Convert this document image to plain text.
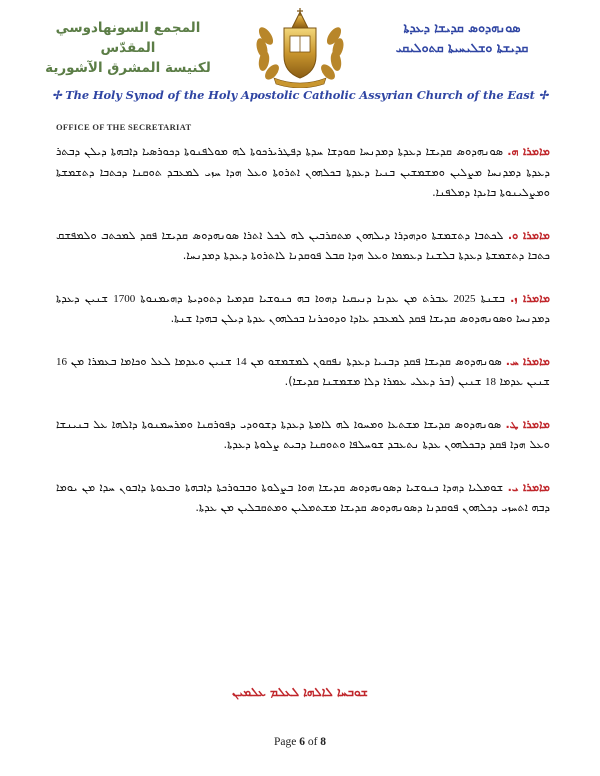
المجمع السونهادوسي المقدّس
لكنيسة المشرق الآشورية
ܣܘܢܗܕܘܣ ܩܕܝܫܐ ܕܥܕܬܐ
ܩܕܝܫܬܐ ܘܫܠܝܚܝܬܐ ܩܬܘܠܝܩܝ
✢ The Holy Synod of the Holy Apostolic Catholic Assyrian Church of the East ✢
OFFICE OF THE SECRETARIAT

ܡܐܡܪܐ ܗ. ܣܘܢܗܕܘܣ ܩܕܝܫܐ ܕܥܕܬܐ ܕܡܕܢܚܐ ܩܘܕܫܐ ܚܕܬܐ ܕܦܛܪܝܪܟܘܬܐ ܠܗ ܡܘܠܦܢܘܬܐ ܕܟܘܪܣܝܐ ܕܐܒܗܬܐ ܕܝܠܢ ܕܒܬܪ ܕܥܕܬܐ ܕܡܕܢܚܐ ܡܨܠܝܢ ܘܡܫܡܫܝܢ ܒܢܝܐ ܕܥܕܬܐ ܒܟܠܗܘܢ ܐܬܪܘܬܐ ܘܥܠ ܗܕܐ ܚܙܝ ܠܡܥܒܕ ܬܘܩܢܐ ܕܟܬܒܐ ܕܬܫܡܫܬܐ ܘܡܨܠܝܢܘܬܐ ܒܐܝܕܐ ܕܡܠܦܢܐ.

ܡܐܡܪܐ ܘ. ܠܟܬܒܐ ܕܬܫܡܫܬܐ ܘܕܗܕܪܐ ܕܝܠܗܘܢ ܡܬܩܪܒܝܢ ܠܗ ܠܟܠ ܐܬܪܐ ܣܘܢܗܕܘܣ ܩܕܝܫܐ ܦܩܕ ܠܡܟܬܒ ܘܠܡܦܫܩ ܟܬܒܐ ܕܬܫܡܫܬܐ ܕܥܕܬܐ ܒܠܫܢܐ ܕܥܡܡܐ ܘܥܠ ܗܕܐ ܩܒܠ ܦܘܩܕܢܐ ܠܐܬܪܘܬܐ ܕܥܕܬܐ ܕܡܕܢܚܐ.

ܡܐܡܪܐ ܙ. ܒܫܢܬܐ 2025 ܥܒܪܬ ܡܢ ܥܕܢܐ ܕܢܝܩܝܐ ܕܗܘܐ ܒܗ ܟܢܘܫܝܐ ܩܕܡܝܐ ܕܬܘܕܝܬܐ ܕܗܝܡܢܘܬܐ 1700 ܫܢܝܢ ܕܥܕܬܐ ܕܡܕܢܚܐ ܘܣܘܢܗܕܘܣ ܩܕܝܫܐ ܦܩܕ ܠܡܥܒܕ ܥܐܕܐ ܘܕܘܟܪܢܐ ܒܟܠܗܘܢ ܥܕܬܐ ܕܝܠܢ ܒܗܕܐ ܫܢܬܐ.

ܡܐܡܪܐ ܚ. ܣܘܢܗܕܘܣ ܩܕܝܫܐ ܦܩܕ ܕܒܢܝܐ ܕܥܕܬܐ ܢܦܩܘܢ ܠܡܫܡܫܘ ܡܢ 14 ܫܢܝܢ ܘܥܕܡܐ ܠܥܠ ܘܟܐܡܐ ܒܥܡܪܐ ܡܢ 16 ܫܢܝܢ ܥܕܡܐ 18 ܫܢܝܢ (ܒܪ ܕܥܠܝ ܥܡܪܐ ܕܠܐ ܡܫܡܫܢܐ ܩܕܝܫܐ).

ܡܐܡܪܐ ܛ. ܣܘܢܗܕܘܣ ܩܕܝܫܐ ܡܫܬܥܐ ܘܡܚܘܐ ܠܗ ܠܐܡܬܐ ܕܥܕܬܐ ܕܫܘܘܕܝ ܕܦܘܪܩܢܐ ܘܡܪܚܡܢܘܬܐ ܕܐܠܗܐ ܥܠ ܒܢܝܢܫܐ ܘܥܠ ܗܕܐ ܦܩܕ ܕܒܟܠܗܘܢ ܥܕܬܐ ܢܬܥܒܕ ܫܘܚܠܦܐ ܘܬܘܩܢܐ ܕܒܝܬ ܨܠܘܬܐ ܕܥܕܬܐ.

ܡܐܡܪܐ ܝ. ܫܘܡܠܝܐ ܕܗܕܐ ܟܢܘܫܝܐ ܕܣܘܢܗܕܘܣ ܩܕܝܫܐ ܗܘܐ ܒܨܠܘܬܐ ܘܒܒܘܪܟܬܐ ܕܐܒܗܬܐ ܘܒܥܘܬܐ ܕܐܒܘܢ ܚܕܐ ܡܢ ܝܘܡܐ ܕܒܗ ܐܬܚܙܝ ܕܟܠܗܘܢ ܦܘܩܕܢܐ ܕܣܘܢܗܕܘܣ ܩܕܝܫܐ ܡܫܬܡܠܝܢ ܘܡܬܩܒܠܝܢ ܡܢ ܥܕܬܐ.

ܫܘܒܚܐ ܠܐܠܗܐ ܠܥܠܡ ܥܠܡܝܢ
Page 6 of 8
